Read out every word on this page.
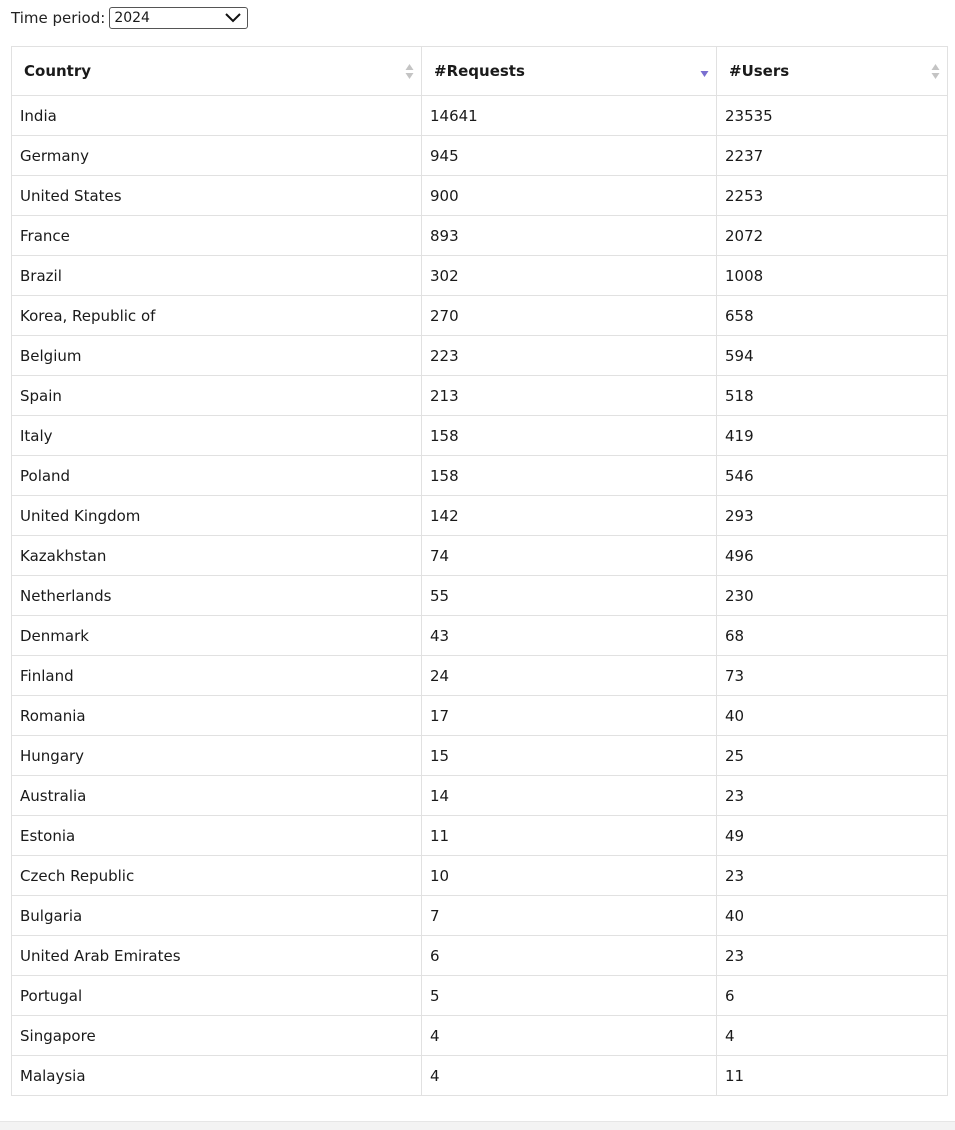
Time period: 2024
Country	#Requests	#Users

India	14641	23535
Germany	945	2237
United States	900	2253
France	893	2072
Brazil	302	1008
Korea, Republic of	270	658
Belgium	223	594
Spain	213	518
Italy	158	419
Poland	158	546
United Kingdom	142	293
Kazakhstan	74	496
Netherlands	55	230
Denmark	43	68
Finland	24	73
Romania	17	40
Hungary	15	25
Australia	14	23
Estonia	11	49
Czech Republic	10	23
Bulgaria	7	40
United Arab Emirates	6	23
Portugal	5	6
Singapore	4	4
Malaysia	4	11
